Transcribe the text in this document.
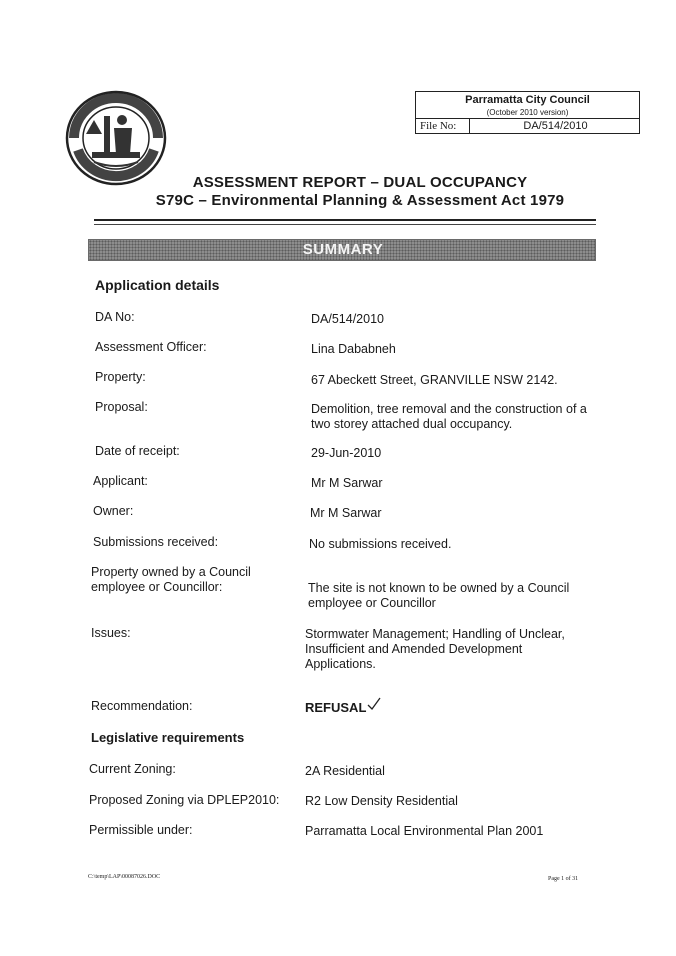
Parramatta City Council
(October 2010 version)
File No:	DA/514/2010
ASSESSMENT REPORT – DUAL OCCUPANCY
S79C – Environmental Planning & Assessment Act 1979
SUMMARY
Application details
DA No:	DA/514/2010
Assessment Officer:	Lina Dababneh
Property:	67 Abeckett Street, GRANVILLE NSW 2142.
Proposal:	Demolition, tree removal and the construction of a two storey attached dual occupancy.
Date of receipt:	29-Jun-2010
Applicant:	Mr M Sarwar
Owner:	Mr M Sarwar
Submissions received:	No submissions received.
Property owned by a Council employee or Councillor:	The site is not known to be owned by a Council employee or Councillor
Issues:	Stormwater Management; Handling of Unclear, Insufficient and Amended Development Applications.
Recommendation:	REFUSAL
Legislative requirements
Current Zoning:	2A Residential
Proposed Zoning via DPLEP2010: R2 Low Density Residential
Permissible under:	Parramatta Local Environmental Plan 2001
C:\temp\LAP\00087026.DOC	Page 1 of 31
